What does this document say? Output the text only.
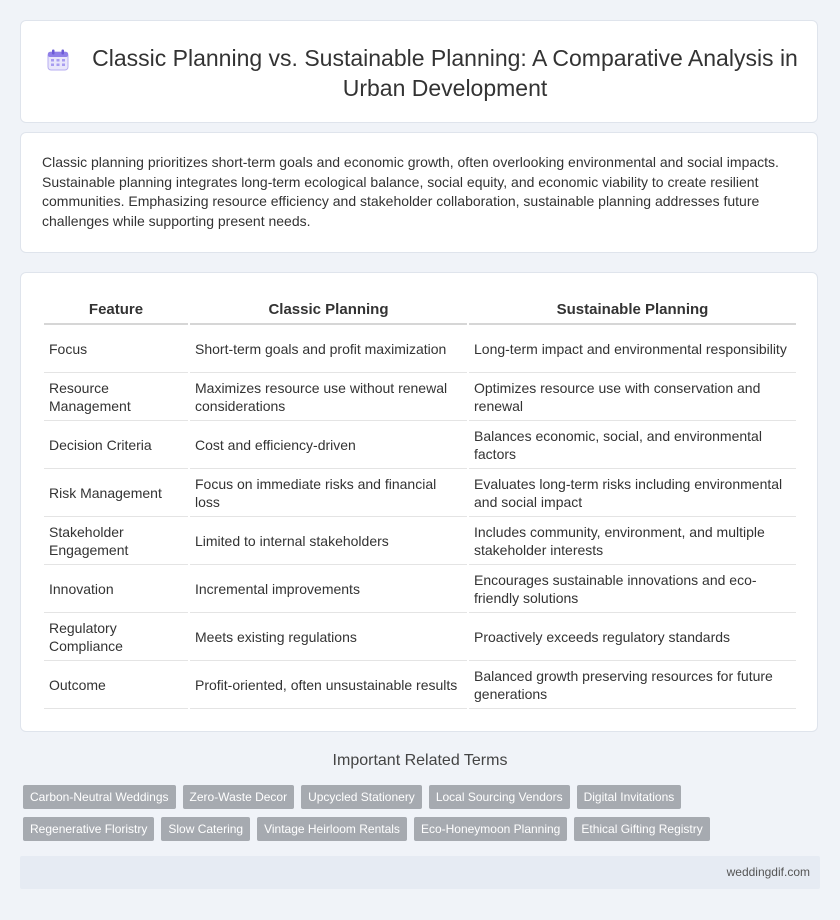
Classic Planning vs. Sustainable Planning: A Comparative Analysis in Urban Development

Classic planning prioritizes short-term goals and economic growth, often overlooking environmental and social impacts. Sustainable planning integrates long-term ecological balance, social equity, and economic viability to create resilient communities. Emphasizing resource efficiency and stakeholder collaboration, sustainable planning addresses future challenges while supporting present needs.

Feature	Classic Planning	Sustainable Planning
Focus	Short-term goals and profit maximization	Long-term impact and environmental responsibility
Resource Management	Maximizes resource use without renewal considerations	Optimizes resource use with conservation and renewal
Decision Criteria	Cost and efficiency-driven	Balances economic, social, and environmental factors
Risk Management	Focus on immediate risks and financial loss	Evaluates long-term risks including environmental and social impact
Stakeholder Engagement	Limited to internal stakeholders	Includes community, environment, and multiple stakeholder interests
Innovation	Incremental improvements	Encourages sustainable innovations and eco-friendly solutions
Regulatory Compliance	Meets existing regulations	Proactively exceeds regulatory standards
Outcome	Profit-oriented, often unsustainable results	Balanced growth preserving resources for future generations
Important Related Terms
Carbon-Neutral Weddings	Zero-Waste Decor	Upcycled Stationery	Local Sourcing Vendors	Digital Invitations
Regenerative Floristry	Slow Catering	Vintage Heirloom Rentals	Eco-Honeymoon Planning	Ethical Gifting Registry
weddingdif.com
